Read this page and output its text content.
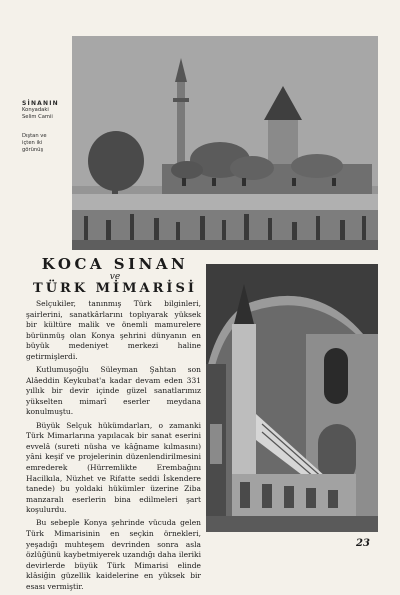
SİNANIN
Konyadaki
Selim Camii
Dıştan ve
içten iki
görünüş
KOCA SINAN
ve
TÜRK MİMARİSİ

Selçukiler, tanınmış Türk bilginleri, şairlerini, sanatkârlarını toplıyarak yüksek bir kültüre malik ve önemli mamurelere bürünmüş olan Konya şehrini dünyanın en büyük medeniyet merkezi haline getirmişlerdi.

Kutlumuşoğlu Süleyman Şahtan son Alâeddin Keykubat'a kadar devam eden 331 yıllık bir devir içinde güzel sanatlarımız yükselten mimarî eserler meydana konulmuştu.

Büyük Selçuk hükümdarları, o zamanki Türk Mimarlarına yapılacak bir sanat eserini evvelâ (sureti nüsha ve kâğname kılmasını) yâni keşif ve projelerinin düzenlendirilmesini emrederek (Hürremlikte Erembağını Hacilkıla, Nüzhet ve Rifatte seddi İskendere tanede) bu yoldaki hükümler üzerine Ziba manzaralı eserlerin bina edilmeleri şart koşulurdu.

Bu sebeple Konya şehrinde vücuda gelen Türk Mimarisinin en seçkin örnekleri, yeşadığı muhteşem devrinden sonra asla özlüğünü kaybetmiyerek uzandığı daha ileriki devirlerde büyük Türk Mimarisi elinde klâsiğin güzellik kaidelerine en yüksek bir esası vermiştir.

23
